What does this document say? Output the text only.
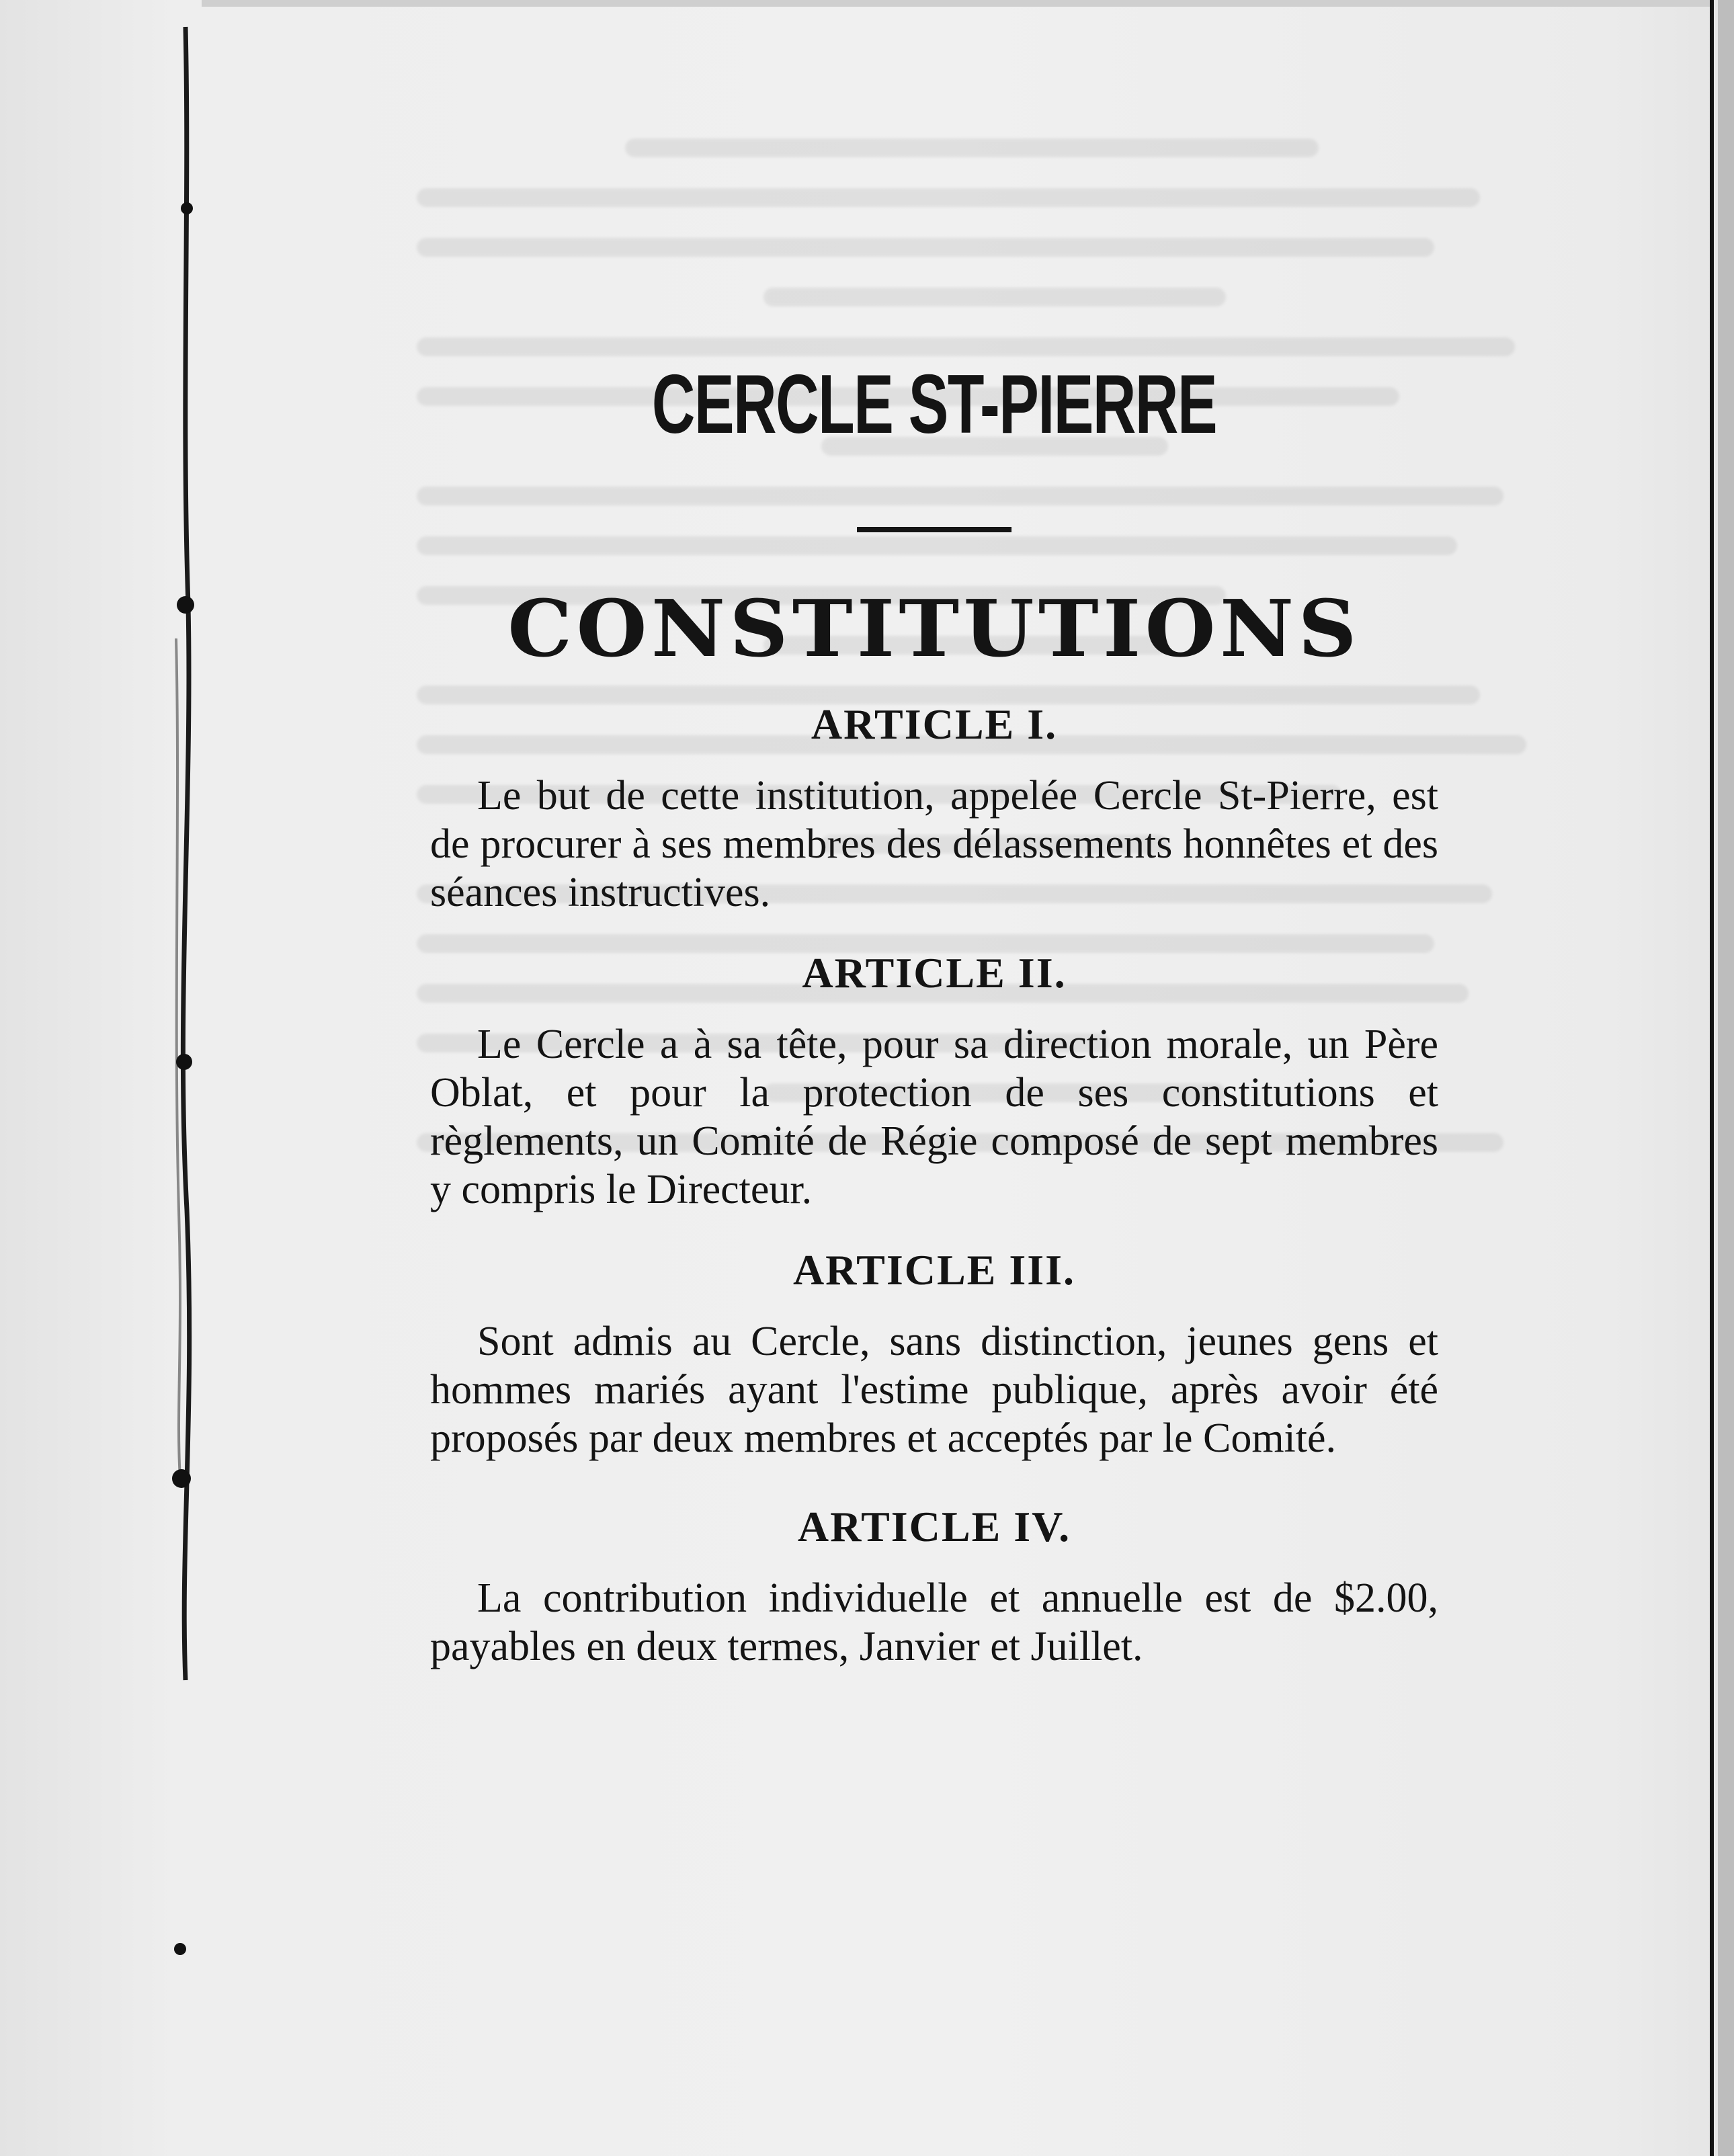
CERCLE ST-PIERRE
CONSTITUTIONS
ARTICLE I.

Le but de cette institution, appelée Cercle St-Pierre, est de procurer à ses membres des délassements honnêtes et des séances instructives.

ARTICLE II.

Le Cercle a à sa tête, pour sa direction morale, un Père Oblat, et pour la protection de ses constitutions et règlements, un Comité de Régie composé de sept membres y compris le Directeur.

ARTICLE III.

Sont admis au Cercle, sans distinction, jeunes gens et hommes mariés ayant l'estime publique, après avoir été proposés par deux membres et acceptés par le Comité.

ARTICLE IV.

La contribution individuelle et annuelle est de $2.00, payables en deux termes, Janvier et Juillet.
